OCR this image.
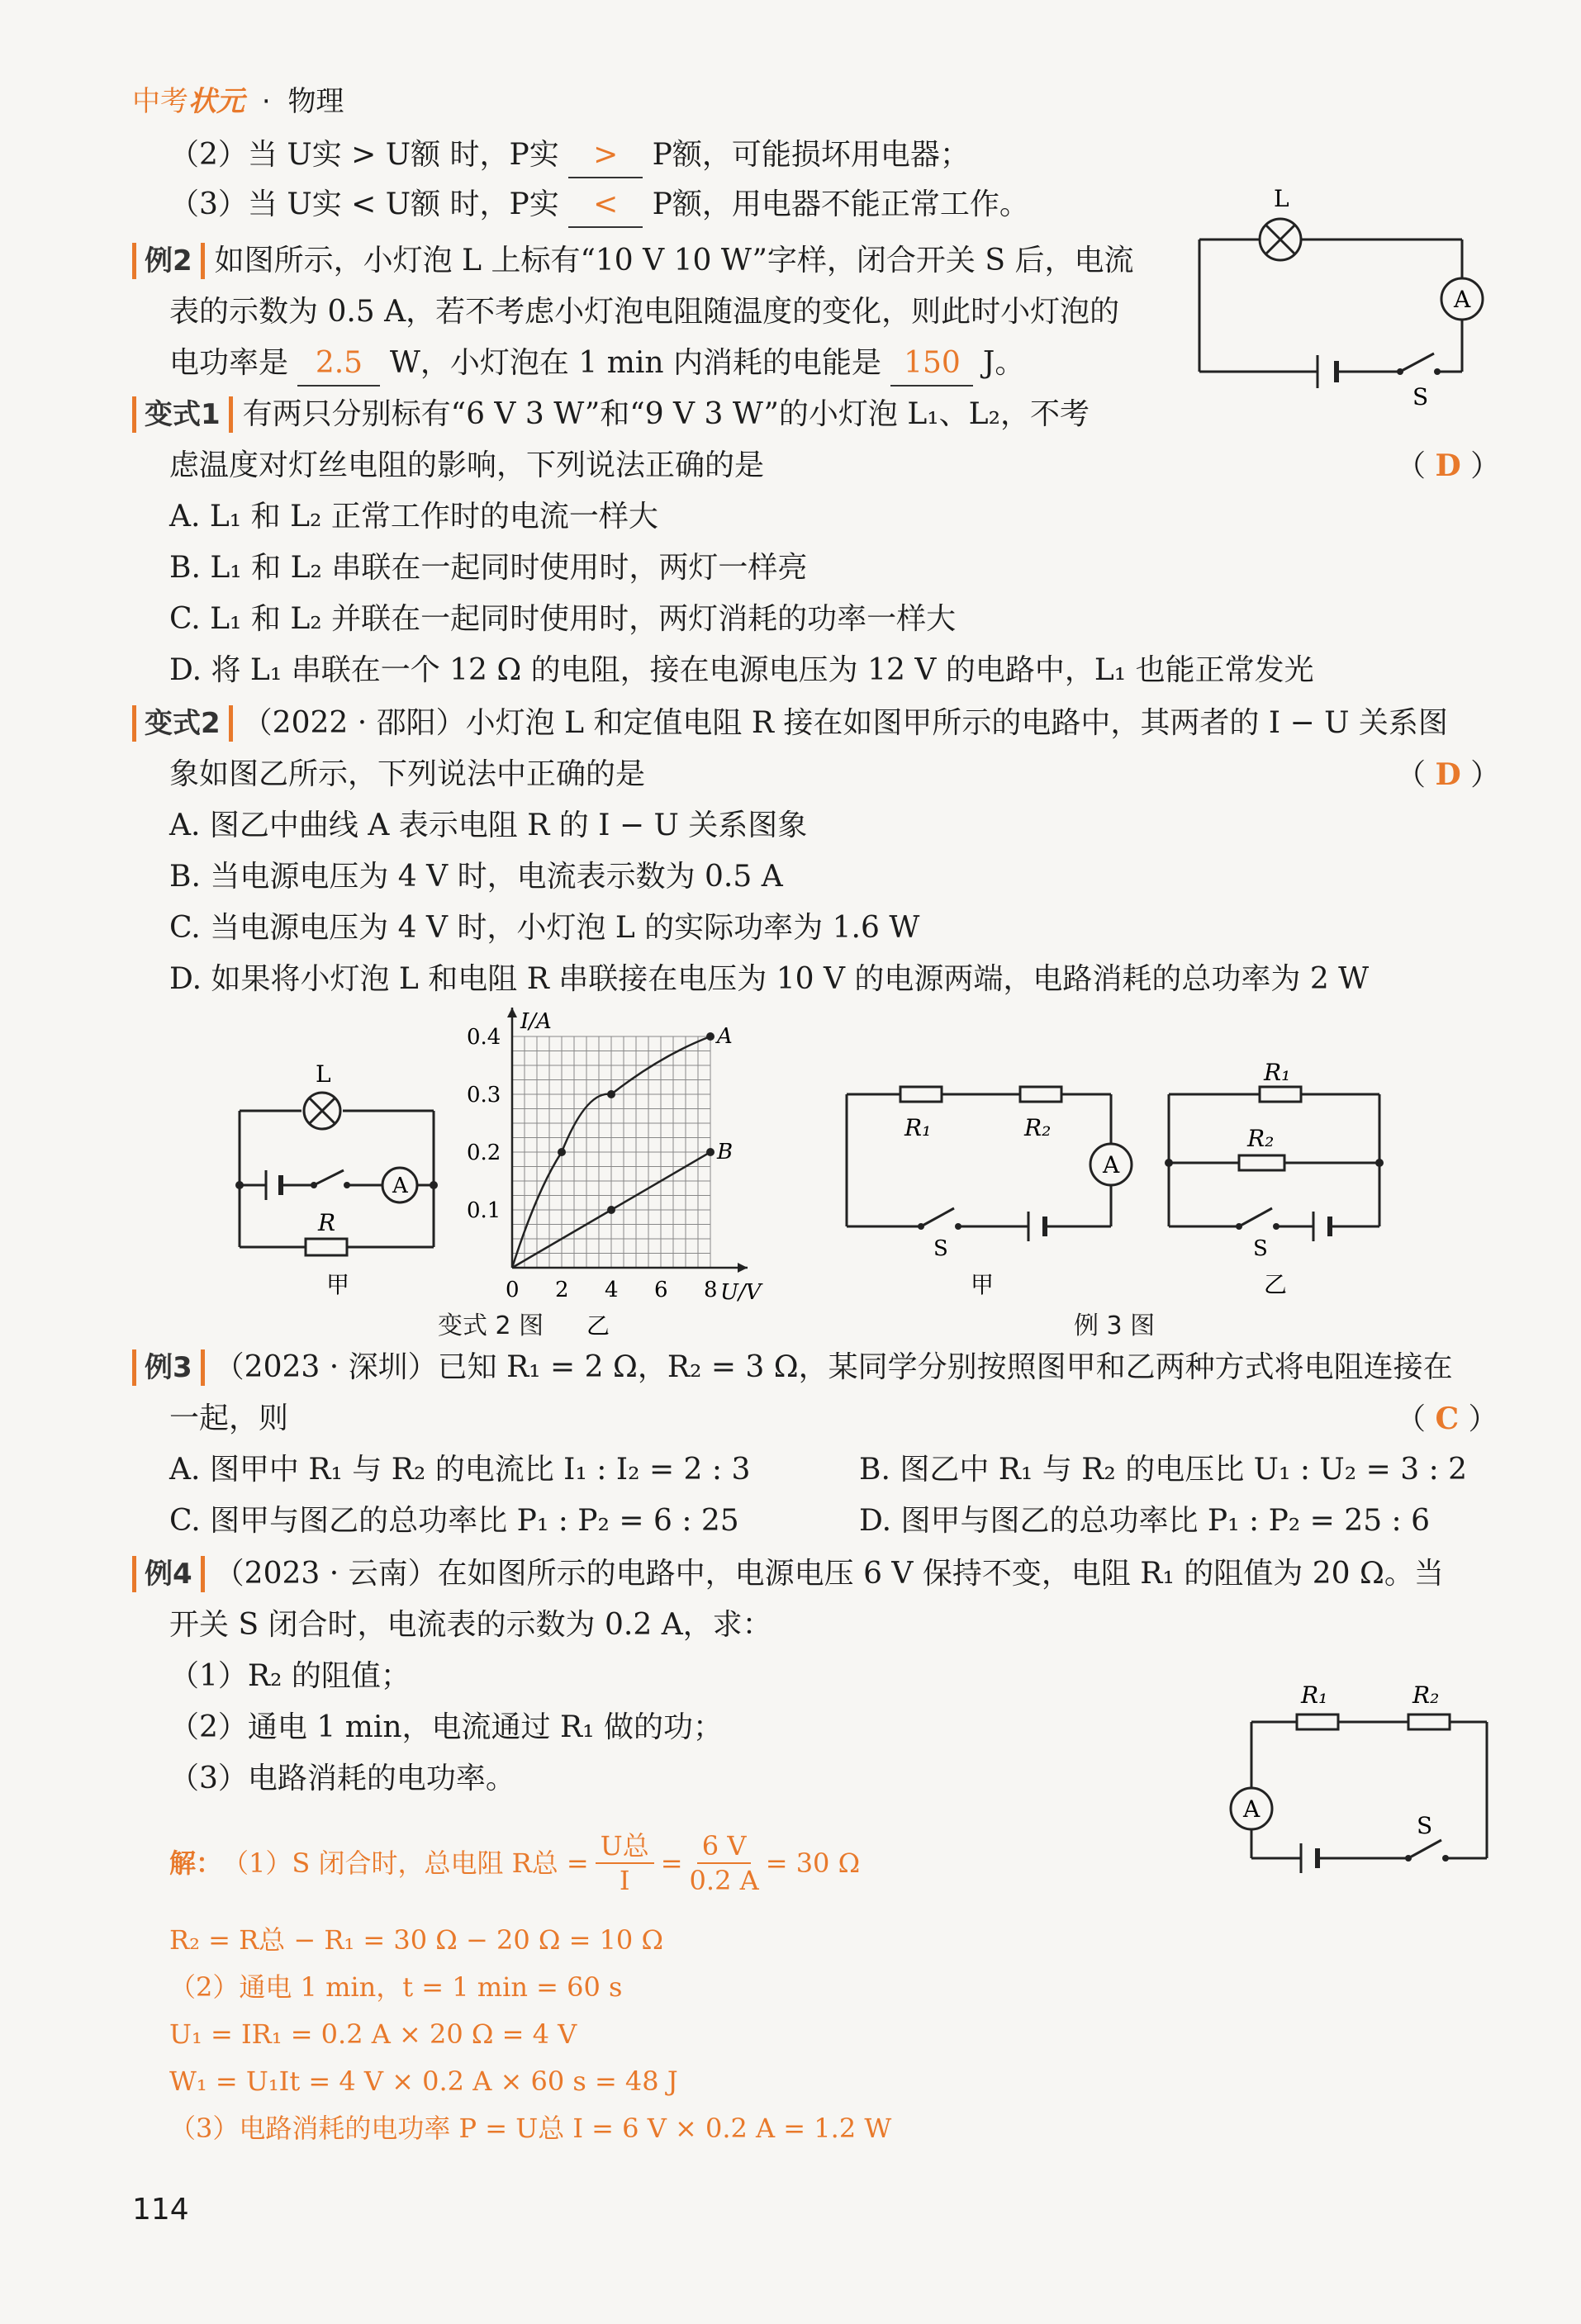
中考状元 · 物理
（2）当 U实 > U额 时，P实 > P额，可能损坏用电器；
（3）当 U实 < U额 时，P实 < P额，用电器不能正常工作。
例2 如图所示，小灯泡 L 上标有“10 V 10 W”字样，闭合开关 S 后，电流
表的示数为 0.5 A，若不考虑小灯泡电阻随温度的变化，则此时小灯泡的
电功率是 2.5 W，小灯泡在 1 min 内消耗的电能是 150 J。
L
A
S
变式1 有两只分别标有“6 V 3 W”和“9 V 3 W”的小灯泡 L₁、L₂，不考
虑温度对灯丝电阻的影响，下列说法正确的是	（ D ）
A. L₁ 和 L₂ 正常工作时的电流一样大
B. L₁ 和 L₂ 串联在一起同时使用时，两灯一样亮
C. L₁ 和 L₂ 并联在一起同时使用时，两灯消耗的功率一样大
D. 将 L₁ 串联在一个 12 Ω 的电阻，接在电源电压为 12 V 的电路中，L₁ 也能正常发光
变式2 （2022 · 邵阳）小灯泡 L 和定值电阻 R 接在如图甲所示的电路中，其两者的 I − U 关系图
象如图乙所示，下列说法中正确的是	（ D ）
A. 图乙中曲线 A 表示电阻 R 的 I − U 关系图象
B. 当电源电压为 4 V 时，电流表示数为 0.5 A
C. 当电源电压为 4 V 时，小灯泡 L 的实际功率为 1.6 W
D. 如果将小灯泡 L 和电阻 R 串联接在电压为 10 V 的电源两端，电路消耗的总功率为 2 W
L
A
R
甲	0 2 4 6 8
0.1
0.2
0.3
0.4
U/V
I/A
A
B
乙
变式 2 图
R₁	R₂
A
S
甲
R₁
R₂
S
乙
例 3 图
例3 （2023 · 深圳）已知 R₁ = 2 Ω，R₂ = 3 Ω，某同学分别按照图甲和乙两种方式将电阻连接在
一起，则	（ C ）
A. 图甲中 R₁ 与 R₂ 的电流比 I₁ : I₂ = 2 : 3	B. 图乙中 R₁ 与 R₂ 的电压比 U₁ : U₂ = 3 : 2
C. 图甲与图乙的总功率比 P₁ : P₂ = 6 : 25	D. 图甲与图乙的总功率比 P₁ : P₂ = 25 : 6
例4 （2023 · 云南）在如图所示的电路中，电源电压 6 V 保持不变，电阻 R₁ 的阻值为 20 Ω。当
开关 S 闭合时，电流表的示数为 0.2 A，求：
（1）R₂ 的阻值；
（2）通电 1 min，电流通过 R₁ 做的功；
（3）电路消耗的电功率。
R₁	R₂
A
S
解： （1）S 闭合时，总电阻 R总 =
U总
I
= $\frac{6 V}{0.2 A} = 30$ Ω
R₂ = R总 − R₁ = 30 Ω − 20 Ω = 10 Ω
（2）通电 1 min，t = 1 min = 60 s
U₁ = IR₁ = 0.2 A × 20 Ω = 4 V
W₁ = U₁It = 4 V × 0.2 A × 60 s = 48 J
（3）电路消耗的电功率 P = U总 I = 6 V × 0.2 A = 1.2 W
114
